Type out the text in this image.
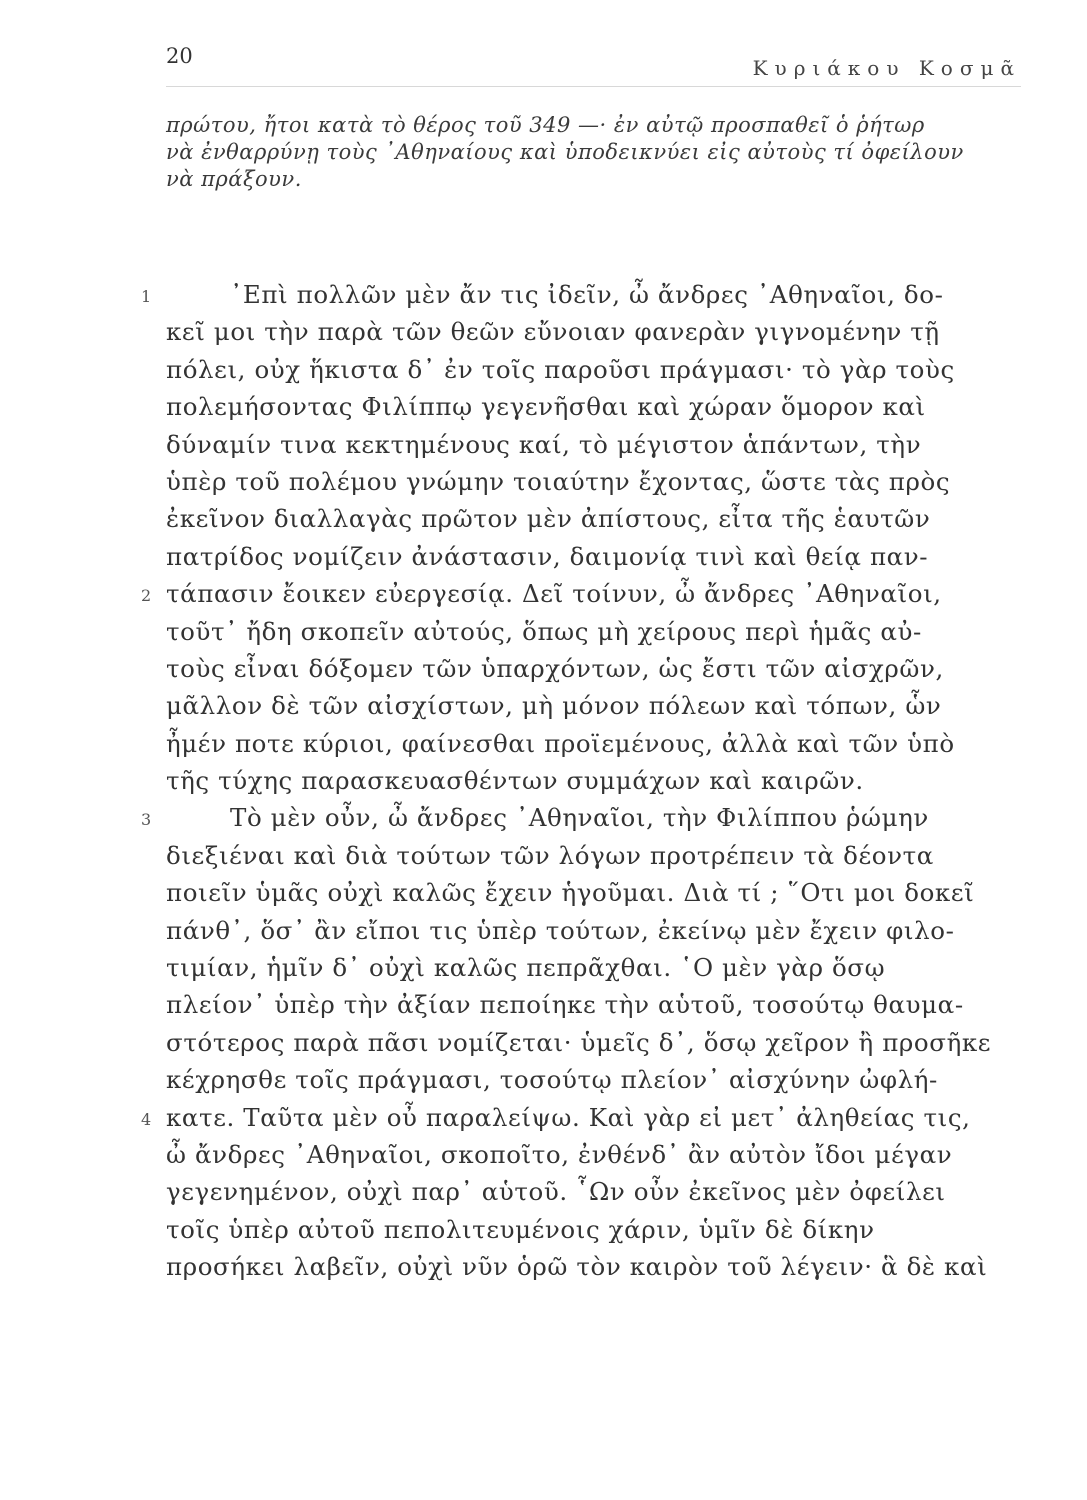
20	Κυριάκου Κοσμᾶ
πρώτου, ἤτοι κατὰ τὸ θέρος τοῦ 349 —· ἐν αὐτῷ προσπαθεῖ ὁ ῥήτωρ
νὰ ἐνθαρρύνῃ τοὺς ᾿Αθηναίους καὶ ὑποδεικνύει εἰς αὐτοὺς τί ὀφείλουν
νὰ πράξουν.
1	᾿Επὶ πολλῶν μὲν ἄν τις ἰδεῖν, ὦ ἄνδρες ᾿Αθηναῖοι, δο-
κεῖ μοι τὴν παρὰ τῶν θεῶν εὔνοιαν φανερὰν γιγνομένην τῇ
πόλει, οὐχ ἥκιστα δ᾿ ἐν τοῖς παροῦσι πράγμασι· τὸ γὰρ τοὺς
πολεμήσοντας Φιλίππῳ γεγενῆσθαι καὶ χώραν ὅμορον καὶ
δύναμίν τινα κεκτημένους καί, τὸ μέγιστον ἁπάντων, τὴν
ὑπὲρ τοῦ πολέμου γνώμην τοιαύτην ἔχοντας, ὥστε τὰς πρὸς
ἐκεῖνον διαλλαγὰς πρῶτον μὲν ἀπίστους, εἶτα τῆς ἑαυτῶν
πατρίδος νομίζειν ἀνάστασιν, δαιμονίᾳ τινὶ καὶ θείᾳ παν-
2 τάπασιν ἔοικεν εὐεργεσίᾳ. Δεῖ τοίνυν, ὦ ἄνδρες ᾿Αθηναῖοι,
τοῦτ᾿ ἤδη σκοπεῖν αὐτούς, ὅπως μὴ χείρους περὶ ἡμᾶς αὐ-
τοὺς εἶναι δόξομεν τῶν ὑπαρχόντων, ὡς ἔστι τῶν αἰσχρῶν,
μᾶλλον δὲ τῶν αἰσχίστων, μὴ μόνον πόλεων καὶ τόπων, ὧν
ἦμέν ποτε κύριοι, φαίνεσθαι προϊεμένους, ἀλλὰ καὶ τῶν ὑπὸ
τῆς τύχης παρασκευασθέντων συμμάχων καὶ καιρῶν.
3	Τὸ μὲν οὖν, ὦ ἄνδρες ᾿Αθηναῖοι, τὴν Φιλίππου ῥώμην
διεξιέναι καὶ διὰ τούτων τῶν λόγων προτρέπειν τὰ δέοντα
ποιεῖν ὑμᾶς οὐχὶ καλῶς ἔχειν ἡγοῦμαι. Διὰ τί ; ῞Οτι μοι δοκεῖ
πάνθ᾿, ὅσ᾿ ἂν εἴποι τις ὑπὲρ τούτων, ἐκείνῳ μὲν ἔχειν φιλο-
τιμίαν, ἡμῖν δ᾿ οὐχὶ καλῶς πεπρᾶχθαι. ῾Ο μὲν γὰρ ὅσῳ
πλείον᾿ ὑπὲρ τὴν ἀξίαν πεποίηκε τὴν αὑτοῦ, τοσούτῳ θαυμα-
στότερος παρὰ πᾶσι νομίζεται· ὑμεῖς δ᾿, ὅσῳ χεῖρον ἢ προσῆκε
κέχρησθε τοῖς πράγμασι, τοσούτῳ πλείον᾿ αἰσχύνην ὠφλή-
4 κατε. Ταῦτα μὲν οὖ παραλείψω. Καὶ γὰρ εἰ μετ᾿ ἀληθείας τις,
ὦ ἄνδρες ᾿Αθηναῖοι, σκοποῖτο, ἐνθένδ᾿ ἂν αὐτὸν ἴδοι μέγαν
γεγενημένον, οὐχὶ παρ᾿ αὑτοῦ. ῟Ων οὖν ἐκεῖνος μὲν ὀφείλει
τοῖς ὑπὲρ αὐτοῦ πεπολιτευμένοις χάριν, ὑμῖν δὲ δίκην
προσήκει λαβεῖν, οὐχὶ νῦν ὁρῶ τὸν καιρὸν τοῦ λέγειν· ἃ δὲ καὶ
